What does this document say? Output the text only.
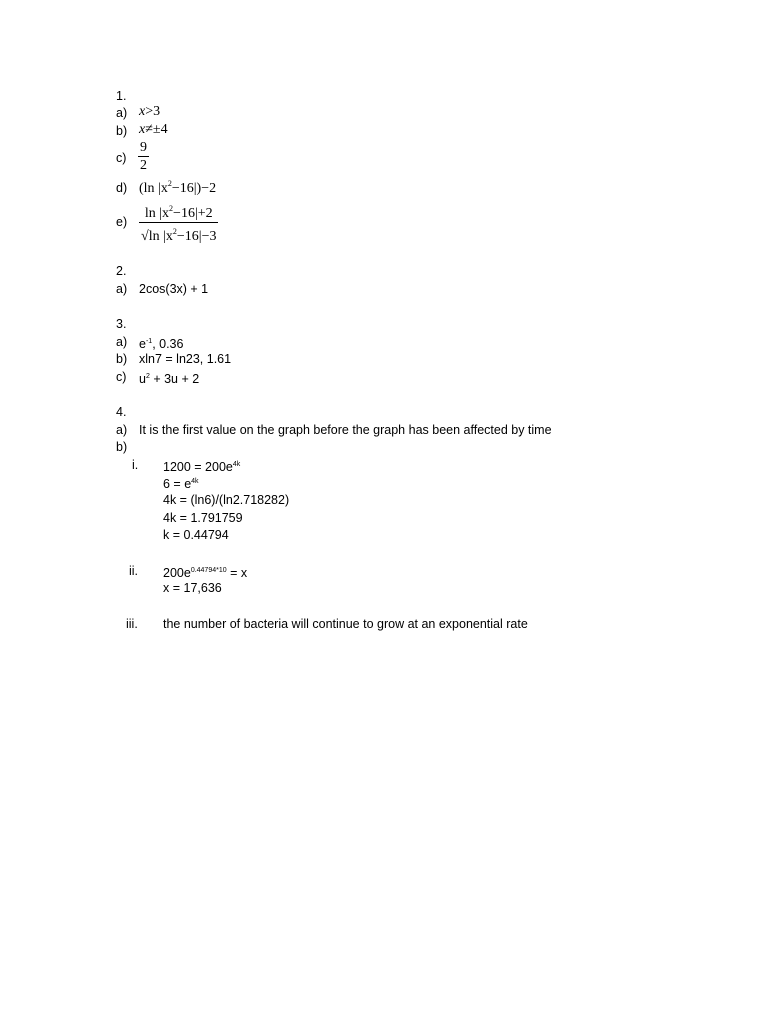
1.
a) x>3
b) x≠±4
$c) \frac{9}{2}$
d) (ln $|x^2-16|)-2$
$e) \frac{\ln |x^2-16|+2}{√\ln |x^2-16|-3}$
2.
a) 2cos(3x) + 1
3.
a) $e^{-1}$, 0.36
b) xln7 = ln23, 1.61
c) $u^2 + 3u + 2$
4.
a) It is the first value on the graph before the graph has been affected by time
b)
i. $1200 = 200e^{4k}$
$6 = e^{4k}$
4k = (ln6)/(ln2.718282)
4k = 1.791759
k = 0.44794
ii. $200e^{0.44794*10} = x$
x = 17,636
iii. the number of bacteria will continue to grow at an exponential rate
